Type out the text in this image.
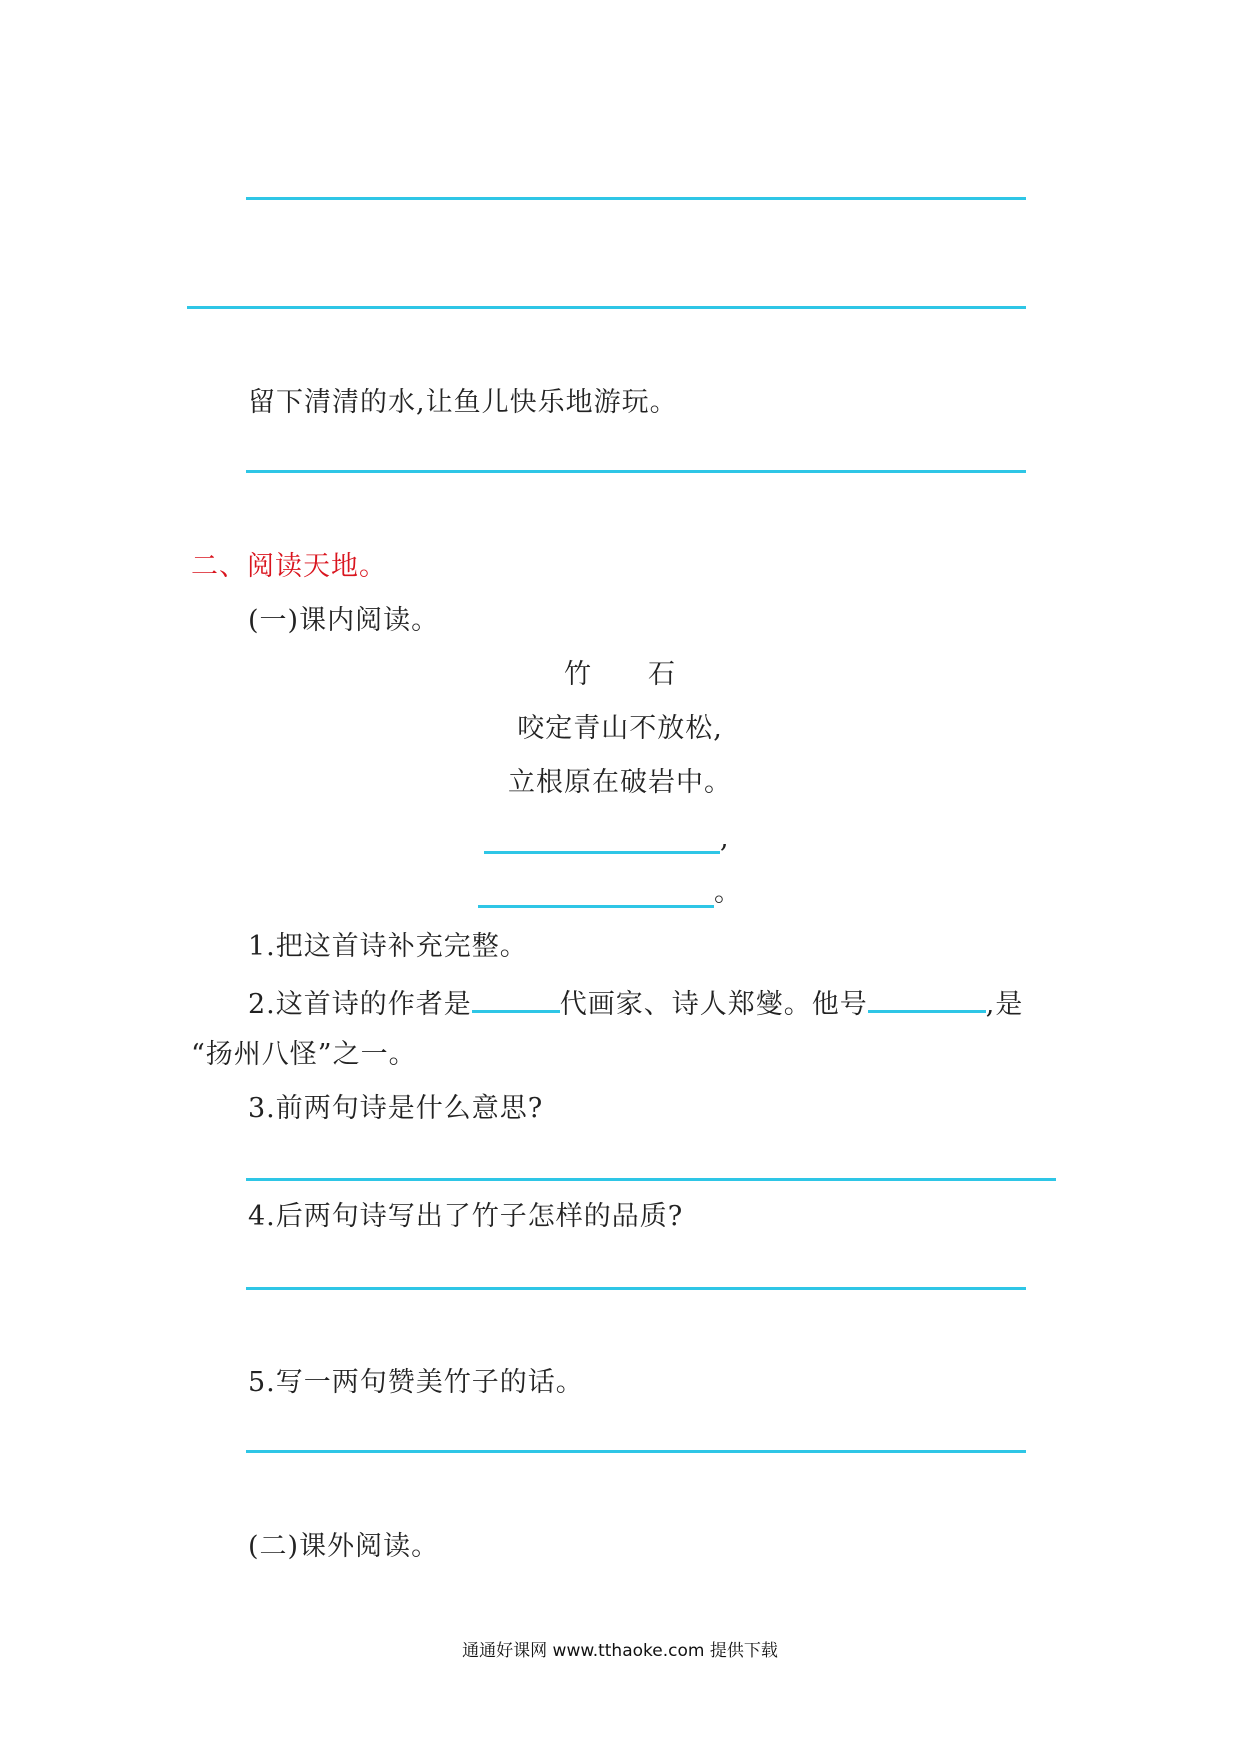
留下清清的水,让鱼儿快乐地游玩。
二、阅读天地。
(一)课内阅读。
竹　　石
咬定青山不放松,
立根原在破岩中。
,
。
1.把这首诗补充完整。
2.这首诗的作者是	代画家、诗人郑燮。他号	,是
“扬州八怪”之一。
3.前两句诗是什么意思?
4.后两句诗写出了竹子怎样的品质?
5.写一两句赞美竹子的话。
(二)课外阅读。
通通好课网 www.tthaoke.com 提供下载
